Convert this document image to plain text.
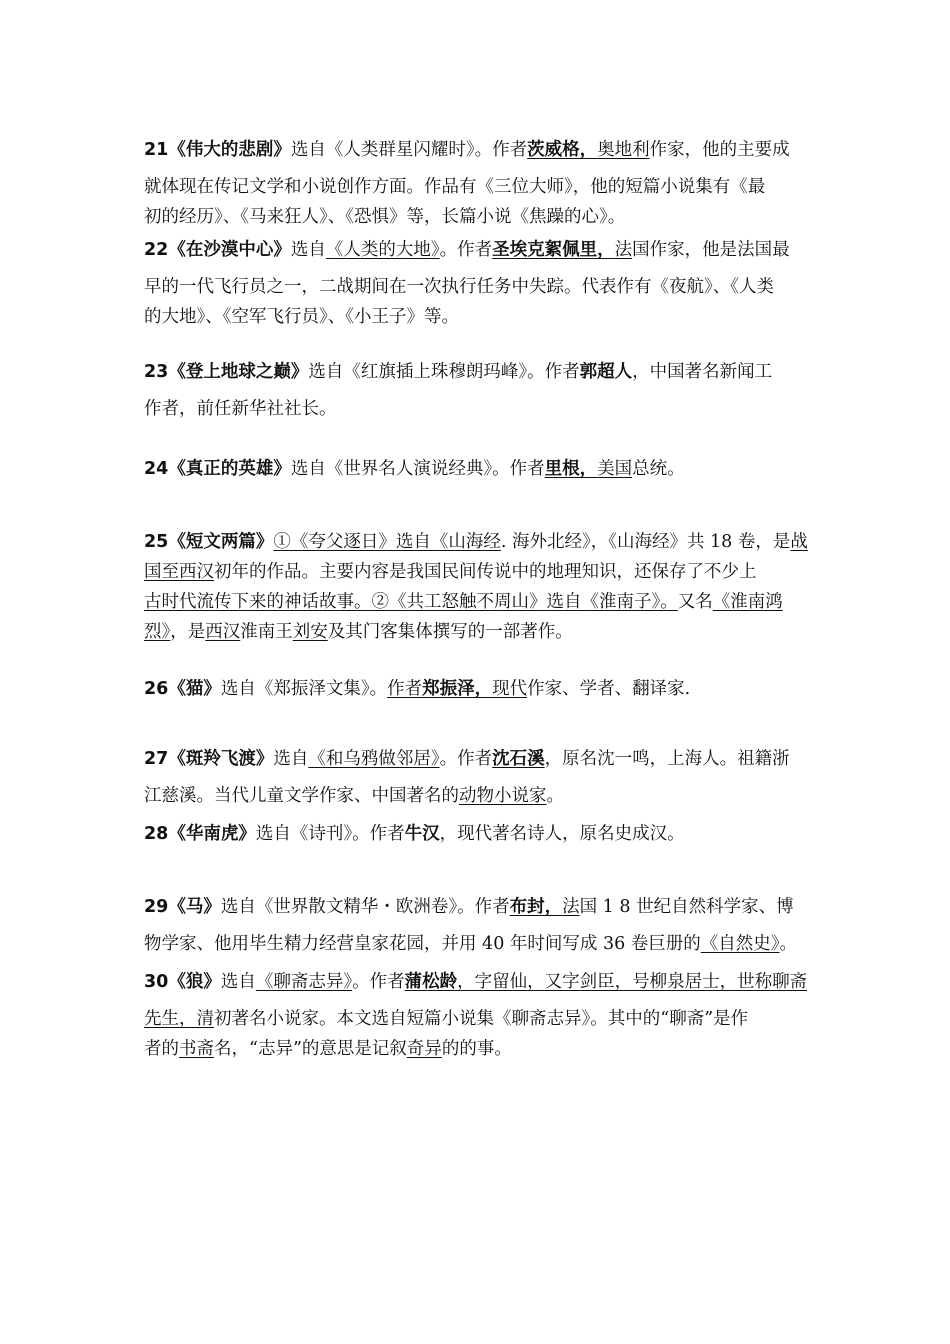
21《伟大的悲剧》选自《人类群星闪耀时》。作者茨威格，奥地利作家，他的主要成
就体现在传记文学和小说创作方面。作品有《三位大师》，他的短篇小说集有《最
初的经历》、《马来狂人》、《恐惧》等，长篇小说《焦躁的心》。
22《在沙漠中心》选自《人类的大地》。作者圣埃克絮佩里，法国作家，他是法国最
早的一代飞行员之一，二战期间在一次执行任务中失踪。代表作有《夜航》、《人类
的大地》、《空军飞行员》、《小王子》等。
23《登上地球之巅》选自《红旗插上珠穆朗玛峰》。作者郭超人，中国著名新闻工
作者，前任新华社社长。
24《真正的英雄》选自《世界名人演说经典》。作者里根，美国总统。
25《短文两篇》①《夸父逐日》选自《山海经. 海外北经》，《山海经》共 18 卷，是战
国至西汉初年的作品。主要内容是我国民间传说中的地理知识，还保存了不少上
古时代流传下来的神话故事。②《共工怒触不周山》选自《淮南子》。又名《淮南鸿
烈》，是西汉淮南王刘安及其门客集体撰写的一部著作。
26《猫》选自《郑振泽文集》。作者郑振泽，现代作家、学者、翻译家.
27《斑羚飞渡》选自《和乌鸦做邻居》。作者沈石溪，原名沈一鸣，上海人。祖籍浙
江慈溪。当代儿童文学作家、中国著名的动物小说家。
28《华南虎》选自《诗刊》。作者牛汉，现代著名诗人，原名史成汉。
29《马》选自《世界散文精华・欧洲卷》。作者布封，法国 1 8 世纪自然科学家、博
物学家、他用毕生精力经营皇家花园，并用 40 年时间写成 36 卷巨册的《自然史》。
30《狼》选自《聊斋志异》。作者蒲松龄，字留仙，又字剑臣，号柳泉居士，世称聊斋
先生，清初著名小说家。本文选自短篇小说集《聊斋志异》。其中的“聊斋”是作
者的书斋名，“志异”的意思是记叙奇异的的事。
